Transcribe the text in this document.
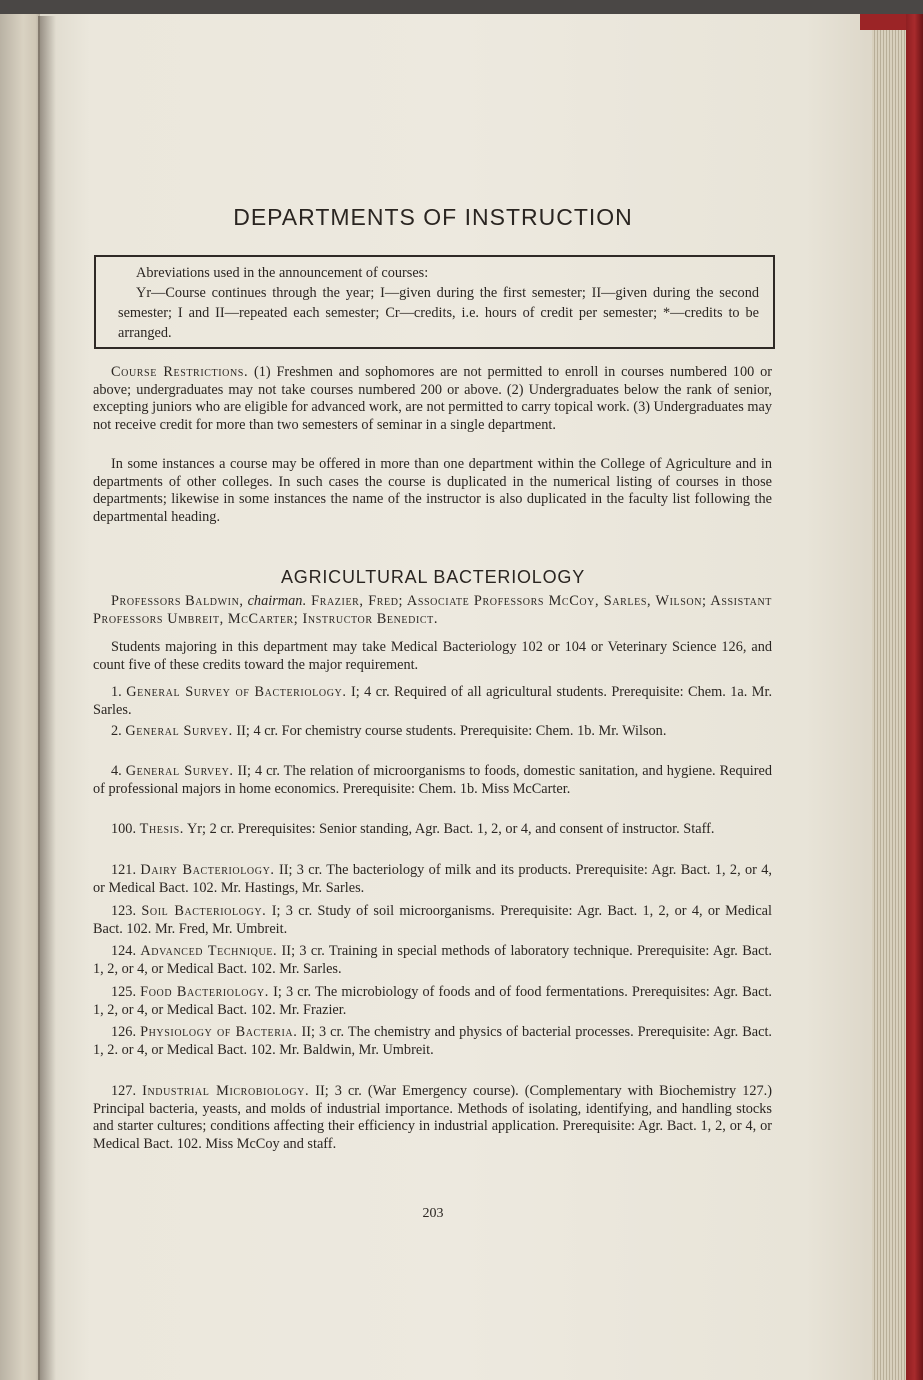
DEPARTMENTS OF INSTRUCTION

Abreviations used in the announcement of courses:

Yr—Course continues through the year; I—given during the first semester; II—given during the second semester; I and II—repeated each semester; Cr—credits, i.e. hours of credit per semester; *—credits to be arranged.

Course Restrictions. (1) Freshmen and sophomores are not permitted to enroll in courses numbered 100 or above; undergraduates may not take courses numbered 200 or above. (2) Undergraduates below the rank of senior, excepting juniors who are eligible for advanced work, are not permitted to carry topical work. (3) Undergraduates may not receive credit for more than two semesters of seminar in a single department.

In some instances a course may be offered in more than one department within the College of Agriculture and in departments of other colleges. In such cases the course is duplicated in the numerical listing of courses in those departments; likewise in some instances the name of the instructor is also duplicated in the faculty list following the departmental heading.

AGRICULTURAL BACTERIOLOGY

Professors Baldwin, chairman. Frazier, Fred; Associate Professors McCoy, Sarles, Wilson; Assistant Professors Umbreit, McCarter; Instructor Benedict.

Students majoring in this department may take Medical Bacteriology 102 or 104 or Veterinary Science 126, and count five of these credits toward the major requirement.

1. General Survey of Bacteriology. I; 4 cr. Required of all agricultural students. Prerequisite: Chem. 1a. Mr. Sarles.

2. General Survey. II; 4 cr. For chemistry course students. Prerequisite: Chem. 1b. Mr. Wilson.

4. General Survey. II; 4 cr. The relation of microorganisms to foods, domestic sanitation, and hygiene. Required of professional majors in home economics. Prerequisite: Chem. 1b. Miss McCarter.

100. Thesis. Yr; 2 cr. Prerequisites: Senior standing, Agr. Bact. 1, 2, or 4, and consent of instructor. Staff.

121. Dairy Bacteriology. II; 3 cr. The bacteriology of milk and its products. Prerequisite: Agr. Bact. 1, 2, or 4, or Medical Bact. 102. Mr. Hastings, Mr. Sarles.

123. Soil Bacteriology. I; 3 cr. Study of soil microorganisms. Prerequisite: Agr. Bact. 1, 2, or 4, or Medical Bact. 102. Mr. Fred, Mr. Umbreit.

124. Advanced Technique. II; 3 cr. Training in special methods of laboratory technique. Prerequisite: Agr. Bact. 1, 2, or 4, or Medical Bact. 102. Mr. Sarles.

125. Food Bacteriology. I; 3 cr. The microbiology of foods and of food fermentations. Prerequisites: Agr. Bact. 1, 2, or 4, or Medical Bact. 102. Mr. Frazier.

126. Physiology of Bacteria. II; 3 cr. The chemistry and physics of bacterial processes. Prerequisite: Agr. Bact. 1, 2. or 4, or Medical Bact. 102. Mr. Baldwin, Mr. Umbreit.

127. Industrial Microbiology. II; 3 cr. (War Emergency course). (Complementary with Biochemistry 127.) Principal bacteria, yeasts, and molds of industrial importance. Methods of isolating, identifying, and handling stocks and starter cultures; conditions affecting their efficiency in industrial application. Prerequisite: Agr. Bact. 1, 2, or 4, or Medical Bact. 102. Miss McCoy and staff.

203
